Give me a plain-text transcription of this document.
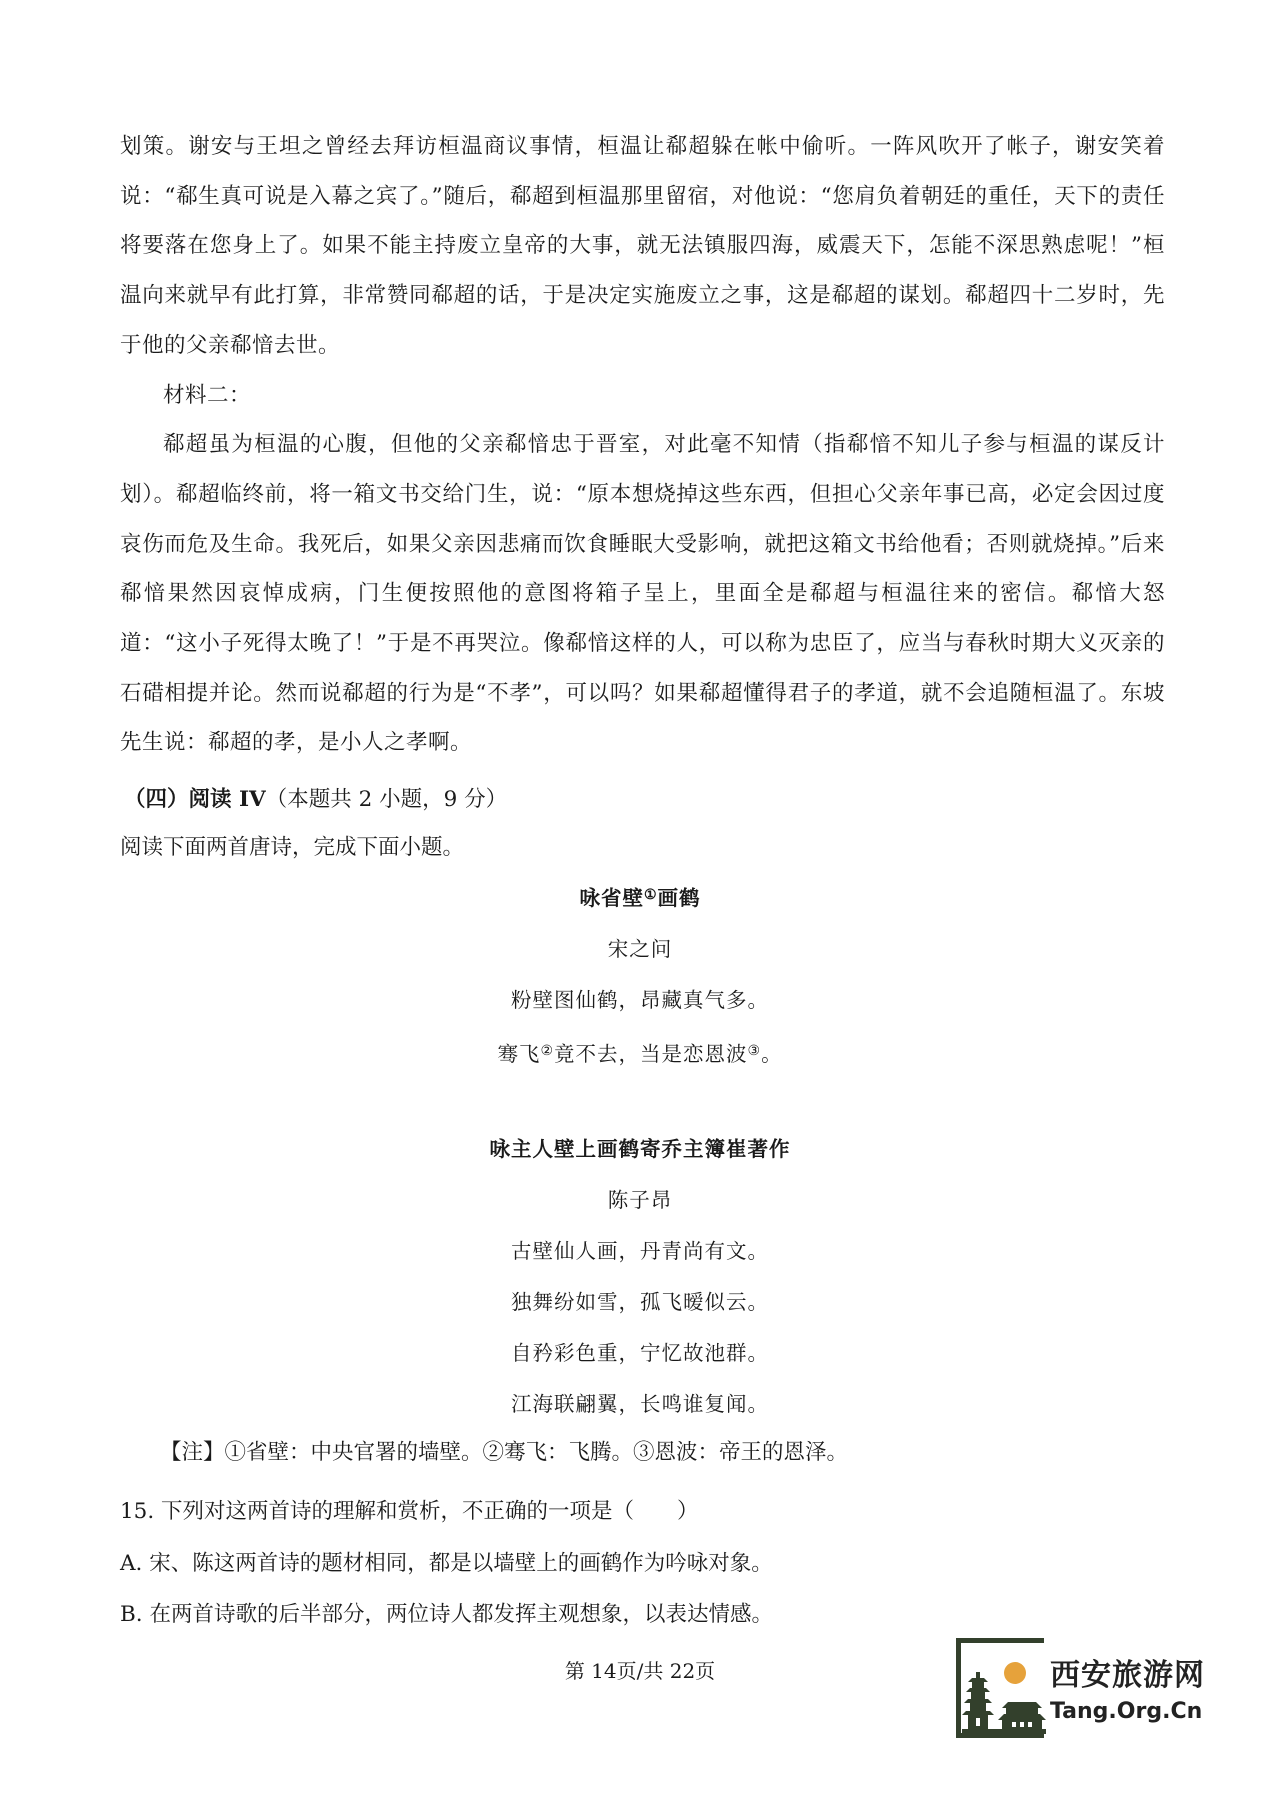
划策。谢安与王坦之曾经去拜访桓温商议事情，桓温让郗超躲在帐中偷听。一阵风吹开了帐子，谢安笑着说：“郗生真可说是入幕之宾了。”随后，郗超到桓温那里留宿，对他说：“您肩负着朝廷的重任，天下的责任将要落在您身上了。如果不能主持废立皇帝的大事，就无法镇服四海，威震天下，怎能不深思熟虑呢！”桓温向来就早有此打算，非常赞同郗超的话，于是决定实施废立之事，这是郗超的谋划。郗超四十二岁时，先于他的父亲郗愔去世。

材料二：

郗超虽为桓温的心腹，但他的父亲郗愔忠于晋室，对此毫不知情（指郗愔不知儿子参与桓温的谋反计划）。郗超临终前，将一箱文书交给门生，说：“原本想烧掉这些东西，但担心父亲年事已高，必定会因过度哀伤而危及生命。我死后，如果父亲因悲痛而饮食睡眠大受影响，就把这箱文书给他看；否则就烧掉。”后来郗愔果然因哀悼成病，门生便按照他的意图将箱子呈上，里面全是郗超与桓温往来的密信。郗愔大怒道：“这小子死得太晚了！”于是不再哭泣。像郗愔这样的人，可以称为忠臣了，应当与春秋时期大义灭亲的石碏相提并论。然而说郗超的行为是“不孝”，可以吗？如果郗超懂得君子的孝道，就不会追随桓温了。东坡先生说：郗超的孝，是小人之孝啊。

（四）阅读 IV（本题共 2 小题，9 分）
阅读下面两首唐诗，完成下面小题。
咏省壁①画鹤
宋之问
粉壁图仙鹤，昂藏真气多。
骞飞②竟不去，当是恋恩波③。
咏主人壁上画鹤寄乔主簿崔著作
陈子昂
古壁仙人画，丹青尚有文。
独舞纷如雪，孤飞暧似云。
自矜彩色重，宁忆故池群。
江海联翩翼，长鸣谁复闻。
【注】①省壁：中央官署的墙壁。②骞飞：飞腾。③恩波：帝王的恩泽。

15. 下列对这两首诗的理解和赏析，不正确的一项是（　　）

A. 宋、陈这两首诗的题材相同，都是以墙壁上的画鹤作为吟咏对象。

B. 在两首诗歌的后半部分，两位诗人都发挥主观想象，以表达情感。

第 14页/共 22页	西安旅游网
Tang.Org.Cn
